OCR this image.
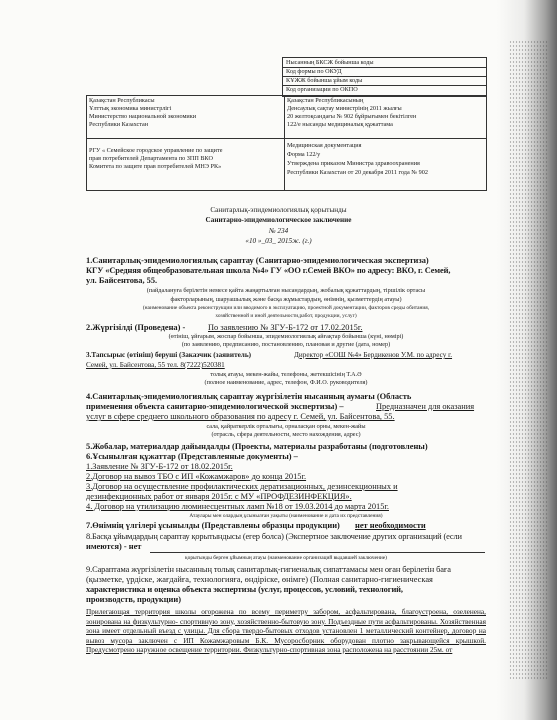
Нысанның БКСЖ бойынша коды
Код формы по ОКУД
КҰЖЖ бойынша ұйым коды
Код организации по ОКПО
Қазақстан Республикасы
Ұлттық экономика министрлігі
Министерство национальной экономики
Республики Казахстан
РГУ « Семейское городское управление по защите
прав потребителей Департамента по ЗПП ВКО
Комитета по защите прав потребителей МНЭ РК»
Қазақстан Республикасының
Денсаулық сақтау министрінің 2011 жылғы
20 желтоқсандағы № 902 бұйрығымен бекітілген
122/е нысанды медициналық құжаттама
Медицинская документация
Форма 122/у
Утверждена приказом Министра здравоохранения
Республики Казахстан от 20 декабря 2011 года № 902
Санитарлық-эпидемиологиялық қорытынды
Санитарно-эпидемиологическое заключение
№ 234
«10 »_03_ 2015ж. (г.)
1.Санитарлық-эпидемиологиялық сараптау (Санитарно-эпидемиологическая экспертиза)
КГУ «Средняя общеобразовательная школа №4» ГУ «ОО г.Семей ВКО» по адресу: ВКО, г. Семей,
ул. Байсентова, 55.
(пайдалануға берілетін немесе қайта жаңартылған нысандардың, жобалық құжаттардың, тіршілік ортасы
факторларының, шаруашылық және басқа жұмыстардың, өнімнің, қызметтердің атауы)
(наименование объекта реконструкции или вводимого в эксплуатацию, проектной документации, факторов среды обитания,
хозяйственной и иной деятельности,работ, продукции, услуг)
2.Жүргізілді (Проведена) -	По заявлению № ЗГУ-Б-172 от 17.02.2015г.
(өтініш, ұйғарым, жоспар бойынша, эпидемиологиялық айғақтар бойынша (күні, нөмірі)
(по заявлению, предписанию, постановлению, плановая и другие (дата, номер)
3.Тапсырыс (өтініш) беруші (Заказчик (заявитель)	Директор «СОШ №4» Бердикенов У.М. по адресу г.
Семей, ул. Байсентова, 55 тел. 8(7222)520381
толық атауы, мекен-жайы, телефоны, жетекшісінің Т.А.Ә
(полное наименование, адрес, телефон, Ф.И.О. руководителя)
4.Санитарлық-эпидемиологиялық сараптау жүргізілетін нысанның аумағы (Область
применения объекта санитарно-эпидемиологической экспертизы) –	Предназначен для оказания
услуг в сфере среднего школьного образования по адресу г. Семей, ул. Байсентова, 55.
сала, қайраткерлік орталығы, орналасқан орны, мекен-жайы
(отрасль, сфера деятельности, место нахождения, адрес)
5.Жобалар, материалдар дайындалды (Проекты, материалы разработаны (подготовлены)
6.Ұсынылған құжаттар (Представленные документы) –
1.Заявление № ЗГУ-Б-172 от 18.02.2015г.
2.Договор на вывоз ТБО с ИП «Кожамжаров» до конца 2015г.
3.Договор на осуществление профилактических дератизационных, дезинсекционных и
дезинфекционных работ от января 2015г. с МУ «ПРОФДЕЗИНФЕКЦИЯ».
4. Договор на утилизацию люминесцентных ламп №18 от 19.03.2014 до марта 2015г.
Атаулары мен олардың ұсынылған уақыты (наименование и дата их представления)
7.Өнімнің үлгілері ұсынылды (Представлены образцы продукции) нет необходимости
8.Басқа ұйымдардың сараптау қорытындысы (егер болса) (Экспертное заключение других организаций (если
имеются) - нет
қорытынды берген ұйымның атауы (наименование организаций выдавшей заключение)
9.Сараптама жүргізілетін нысанның толық санитарлық-гигиеналық сипаттамасы мен оған берілетін баға
(қызметке, үрдіске, жағдайға, технологияға, өндіріске, өнімге) (Полная санитарно-гигиеническая
характеристика и оценка объекта экспертизы (услуг, процессов, условий, технологий,
производств, продукции)
Прилегающая территория школы огорожена по всему периметру забором, асфальтирована, благоустроена, озеленена, зонирована на физкультурно- спортивную зону, хозяйственно-бытовую зону. Подъездные пути асфальтированы. Хозяйственная зона имеет отдельный въезд с улицы. Для сбора твердо-бытовых отходов установлен 1 металлический контейнер, договор на вывоз мусора заключен с ИП Кожамжаровым Б.К. Мусоросборник оборудован плотно закрывающейся крышкой. Предусмотрено наружное освещение территории. Физкультурно-спортивная зона расположена на расстоянии 25м. от
